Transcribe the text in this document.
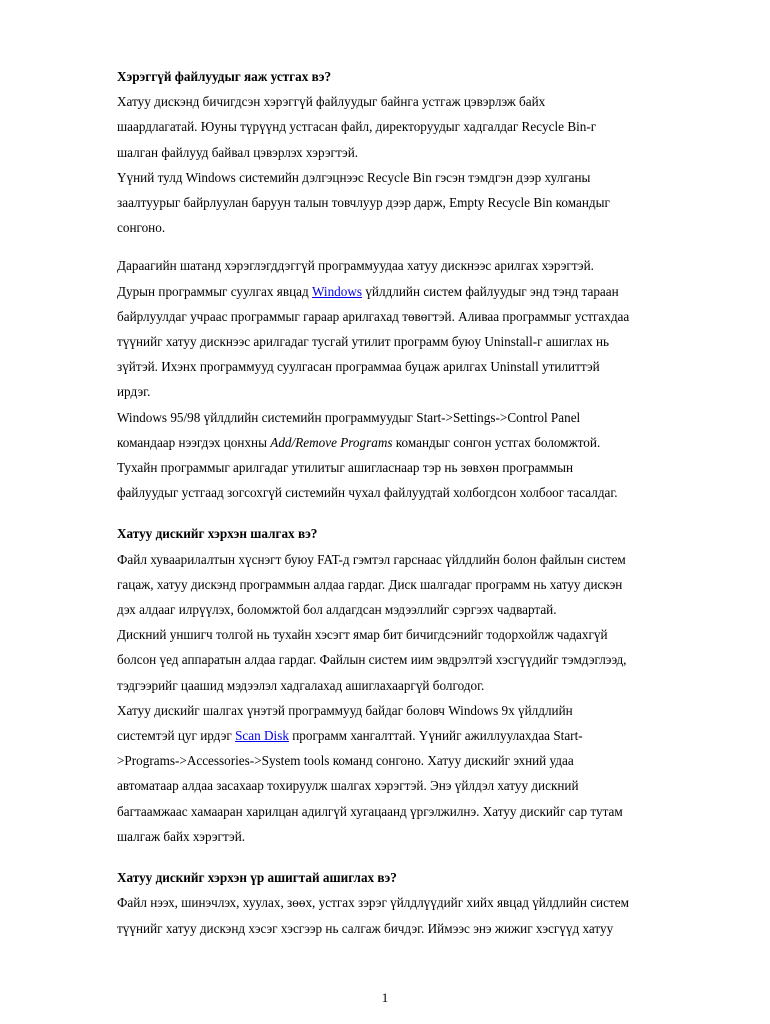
Хэрэггүй файлуудыг яаж устгах вэ?

Хатуу дискэнд бичигдсэн хэрэггүй файлуудыг байнга устгаж цэвэрлэж байх

шаардлагатай. Юуны түрүүнд устгасан файл, директоруудыг хадгалдаг Recycle Bin-г

шалган файлууд байвал цэвэрлэх хэрэгтэй.

Үүний тулд Windows системийн дэлгэцнээс Recycle Bin гэсэн тэмдгэн дээр хулганы

заалтуурыг байрлуулан баруун талын товчлуур дээр дарж, Empty Recycle Bin командыг

сонгоно.

Дараагийн шатанд хэрэглэгддэггүй программуудаа хатуу дискнээс арилгах хэрэгтэй.

Дурын программыг суулгах явцад Windows үйлдлийн систем файлуудыг энд тэнд тараан

байрлуулдаг учраас программыг гараар арилгахад төвөгтэй. Аливаа программыг устгахдаа

түүнийг хатуу дискнээс арилгадаг тусгай утилит программ буюу Uninstall-г ашиглах нь

зүйтэй. Ихэнх программууд суулгасан программаа буцаж арилгах Uninstall утилиттэй

ирдэг.

Windows 95/98 үйлдлийн системийн программуудыг Start->Settings->Control Panel

командаар нээгдэх цонхны Add/Remove Programs командыг сонгон устгах боломжтой.

Тухайн программыг арилгадаг утилитыг ашигласнаар тэр нь зөвхөн программын

файлуудыг устгаад зогсохгүй системийн чухал файлуудтай холбогдсон холбоог тасалдаг.

Хатуу дискийг хэрхэн шалгах вэ?

Файл хуваарилалтын хүснэгт буюу FAT-д гэмтэл гарснаас үйлдлийн болон файлын систем

гацаж, хатуу дискэнд программын алдаа гардаг. Диск шалгадаг программ нь хатуу дискэн

дэх алдааг илрүүлэх, боломжтой бол алдагдсан мэдээллийг сэргээх чадвартай.

Дискний уншигч толгой нь тухайн хэсэгт ямар бит бичигдсэнийг тодорхойлж чадахгүй

болсон үед аппаратын алдаа гардаг. Файлын систем иим эвдрэлтэй хэсгүүдийг тэмдэглээд,

тэдгээрийг цаашид мэдээлэл хадгалахад ашиглахааргүй болгодог.

Хатуу дискийг шалгах үнэтэй программууд байдаг боловч Windows 9x үйлдлийн

системтэй цуг ирдэг Scan Disk программ хангалттай. Үүнийг ажиллуулахдаа Start-

>Programs->Accessories->System tools команд сонгоно. Хатуу дискийг эхний удаа

автоматаар алдаа засахаар тохируулж шалгах хэрэгтэй. Энэ үйлдэл хатуу дискний

багтаамжаас хамааран харилцан адилгүй хугацаанд үргэлжилнэ. Хатуу дискийг сар тутам

шалгаж байх хэрэгтэй.

Хатуу дискийг хэрхэн үр ашигтай ашиглах вэ?

Файл нээх, шинэчлэх, хуулах, зөөх, устгах зэрэг үйлдлүүдийг хийх явцад үйлдлийн систем

түүнийг хатуу дискэнд хэсэг хэсгээр нь салгаж бичдэг. Иймээс энэ жижиг хэсгүүд хатуу

1
